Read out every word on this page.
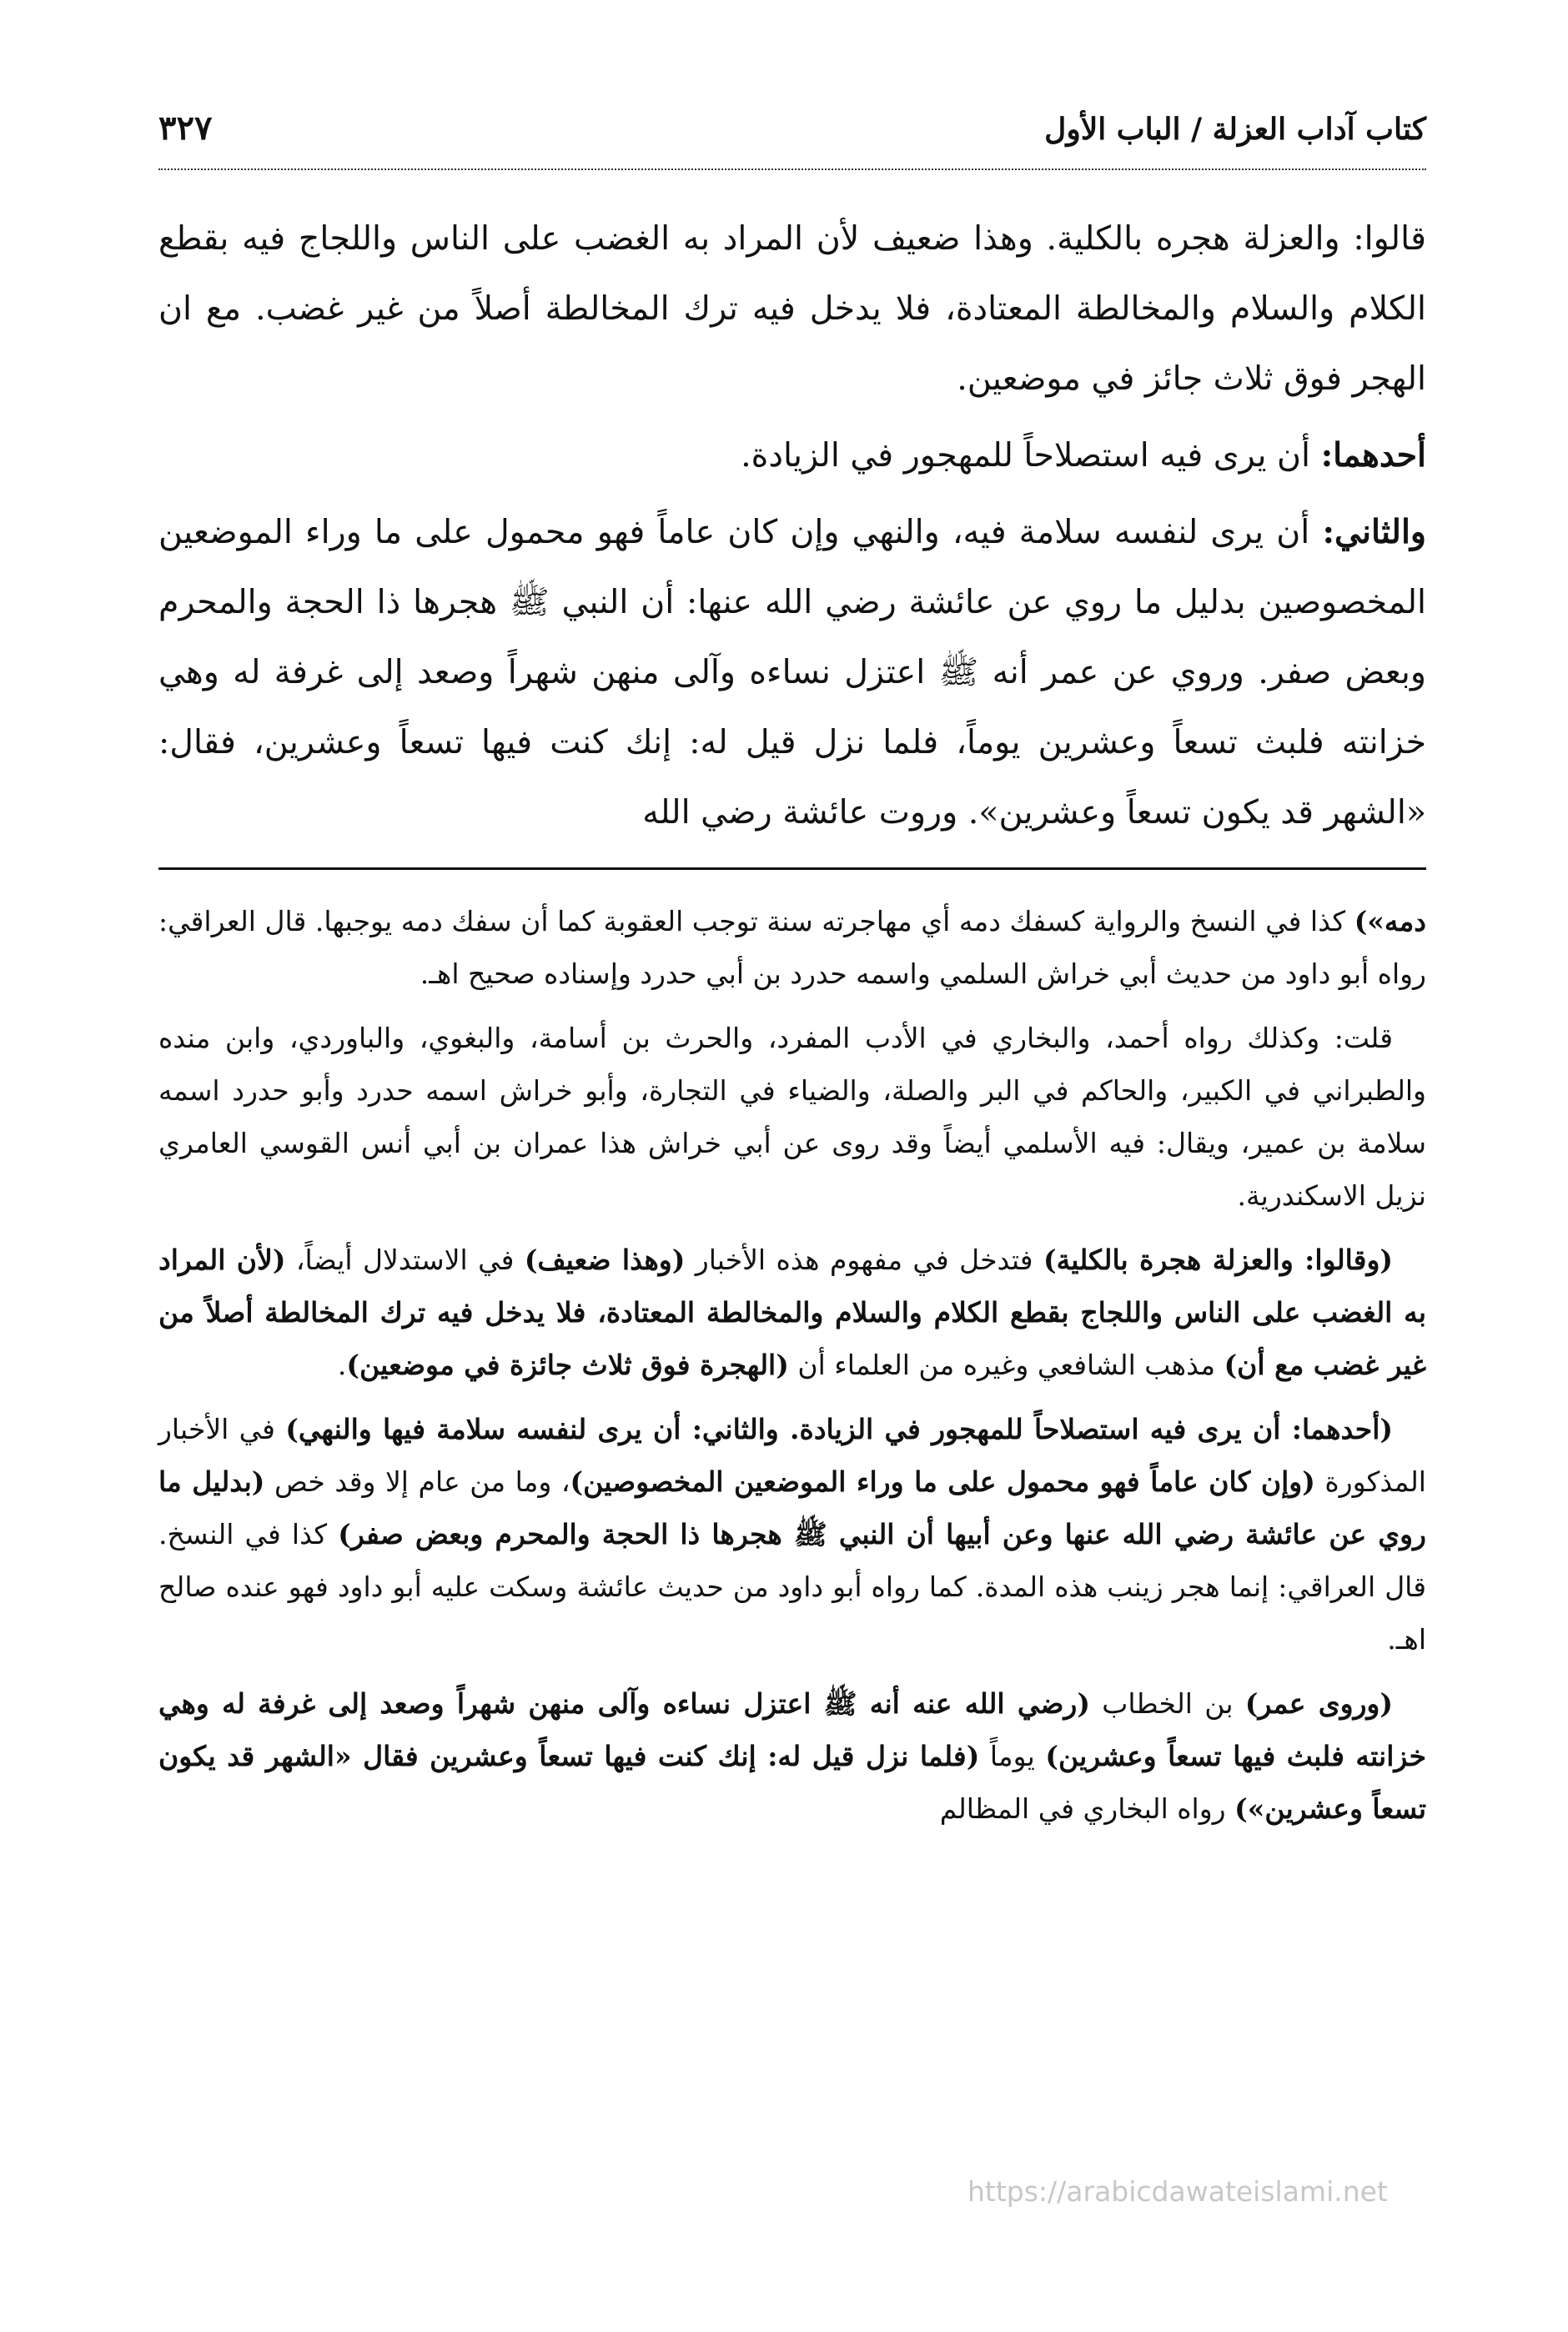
كتاب آداب العزلة / الباب الأول
٣٢٧

قالوا: والعزلة هجره بالكلية. وهذا ضعيف لأن المراد به الغضب على الناس واللجاج فيه بقطع الكلام والسلام والمخالطة المعتادة، فلا يدخل فيه ترك المخالطة أصلاً من غير غضب. مع ان الهجر فوق ثلاث جائز في موضعين.

أحدهما: أن يرى فيه استصلاحاً للمهجور في الزيادة.

والثاني: أن يرى لنفسه سلامة فيه، والنهي وإن كان عاماً فهو محمول على ما وراء الموضعين المخصوصين بدليل ما روي عن عائشة رضي الله عنها: أن النبي ﷺ هجرها ذا الحجة والمحرم وبعض صفر. وروي عن عمر أنه ﷺ اعتزل نساءه وآلى منهن شهراً وصعد إلى غرفة له وهي خزانته فلبث تسعاً وعشرين يوماً، فلما نزل قيل له: إنك كنت فيها تسعاً وعشرين، فقال: «الشهر قد يكون تسعاً وعشرين». وروت عائشة رضي الله

دمه») كذا في النسخ والرواية كسفك دمه أي مهاجرته سنة توجب العقوبة كما أن سفك دمه يوجبها. قال العراقي: رواه أبو داود من حديث أبي خراش السلمي واسمه حدرد بن أبي حدرد وإسناده صحيح اهـ.

قلت: وكذلك رواه أحمد، والبخاري في الأدب المفرد، والحرث بن أسامة، والبغوي، والباوردي، وابن منده والطبراني في الكبير، والحاكم في البر والصلة، والضياء في التجارة، وأبو خراش اسمه حدرد وأبو حدرد اسمه سلامة بن عمير، ويقال: فيه الأسلمي أيضاً وقد روى عن أبي خراش هذا عمران بن أبي أنس القوسي العامري نزيل الاسكندرية.

(وقالوا: والعزلة هجرة بالكلية) فتدخل في مفهوم هذه الأخبار (وهذا ضعيف) في الاستدلال أيضاً، (لأن المراد به الغضب على الناس واللجاج بقطع الكلام والسلام والمخالطة المعتادة، فلا يدخل فيه ترك المخالطة أصلاً من غير غضب مع أن) مذهب الشافعي وغيره من العلماء أن (الهجرة فوق ثلاث جائزة في موضعين).

(أحدهما: أن يرى فيه استصلاحاً للمهجور في الزيادة. والثاني: أن يرى لنفسه سلامة فيها والنهي) في الأخبار المذكورة (وإن كان عاماً فهو محمول على ما وراء الموضعين المخصوصين)، وما من عام إلا وقد خص (بدليل ما روي عن عائشة رضي الله عنها وعن أبيها أن النبي ﷺ هجرها ذا الحجة والمحرم وبعض صفر) كذا في النسخ. قال العراقي: إنما هجر زينب هذه المدة. كما رواه أبو داود من حديث عائشة وسكت عليه أبو داود فهو عنده صالح اهـ.

(وروى عمر) بن الخطاب (رضي الله عنه أنه ﷺ اعتزل نساءه وآلى منهن شهراً وصعد إلى غرفة له وهي خزانته فلبث فيها تسعاً وعشرين) يوماً (فلما نزل قيل له: إنك كنت فيها تسعاً وعشرين فقال «الشهر قد يكون تسعاً وعشرين») رواه البخاري في المظالم

https://arabicdawateislami.net
